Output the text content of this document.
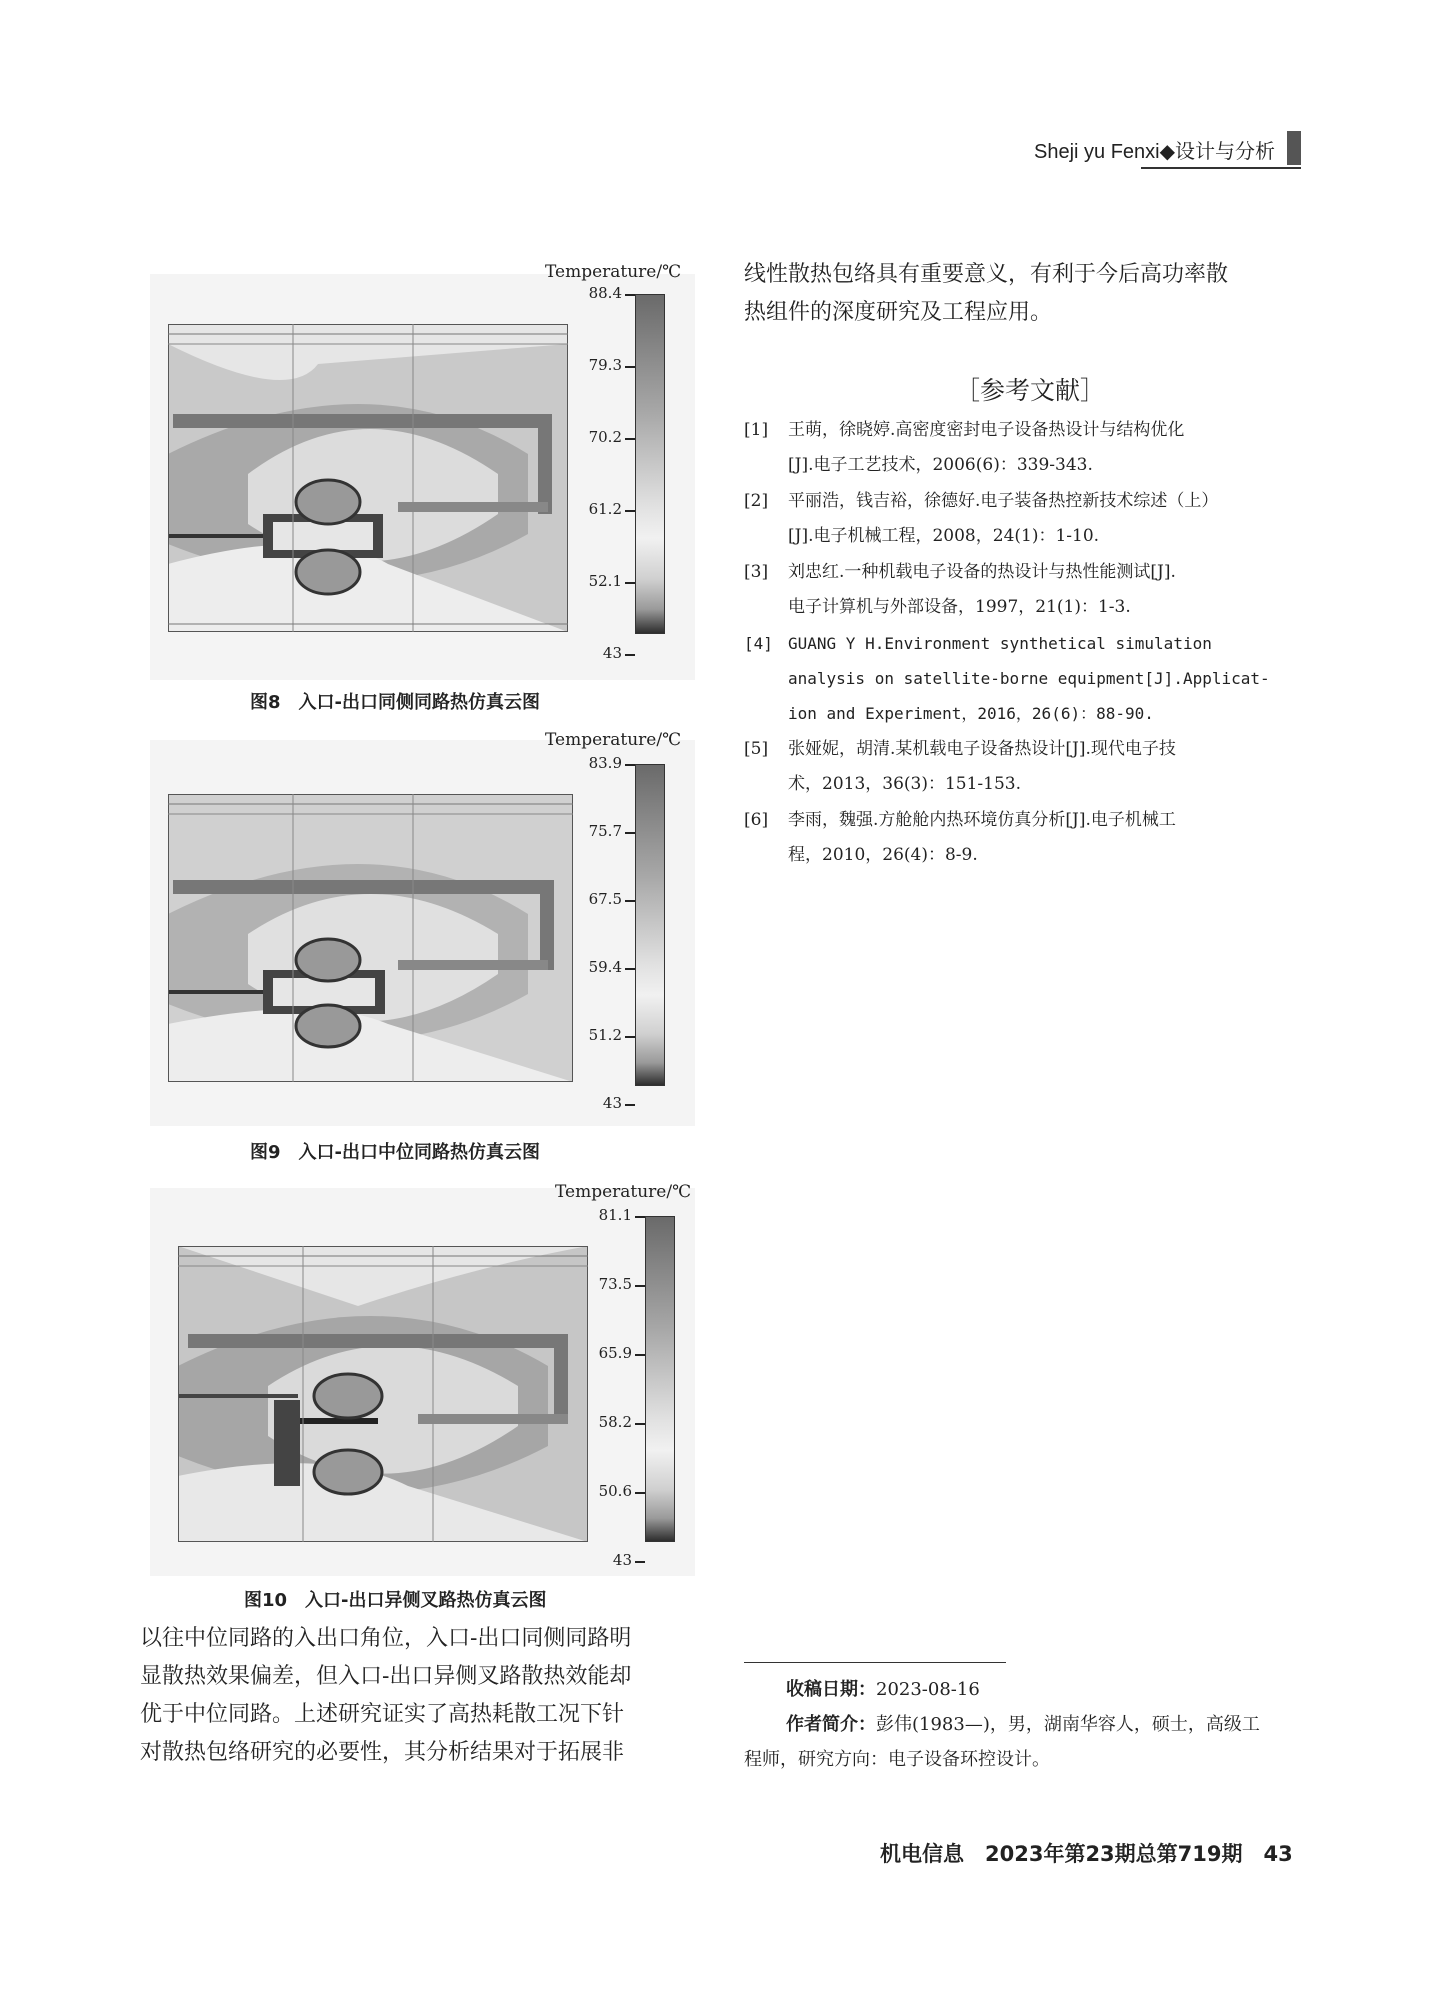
Sheji yu Fenxi◆设计与分析
Temperature/℃
88.4
79.3
70.2
61.2
52.1
43
图8　入口-出口同侧同路热仿真云图
Temperature/℃
83.9
75.7
67.5
59.4
51.2
43
图9　入口-出口中位同路热仿真云图
Temperature/℃
81.1
73.5
65.9
58.2
50.6
43
图10　入口-出口异侧叉路热仿真云图
以往中位同路的入出口角位，入口-出口同侧同路明
显散热效果偏差，但入口-出口异侧叉路散热效能却
优于中位同路。上述研究证实了高热耗散工况下针
对散热包络研究的必要性，其分析结果对于拓展非
线性散热包络具有重要意义，有利于今后高功率散
热组件的深度研究及工程应用。
［参考文献］
[1] 王萌，徐晓婷.高密度密封电子设备热设计与结构优化
[J].电子工艺技术，2006(6)：339-343.
[2] 平丽浩，钱吉裕，徐德好.电子装备热控新技术综述（上）
[J].电子机械工程，2008，24(1)：1-10.
[3] 刘忠红.一种机载电子设备的热设计与热性能测试[J].
电子计算机与外部设备，1997，21(1)：1-3.
[4] GUANG Y H.Environment synthetical simulation
analysis on satellite-borne equipment[J].Applicat-
ion and Experiment，2016，26(6)：88-90.
[5] 张娅妮，胡清.某机载电子设备热设计[J].现代电子技
术，2013，36(3)：151-153.
[6] 李雨，魏强.方舱舱内热环境仿真分析[J].电子机械工
程，2010，26(4)：8-9.
收稿日期：2023-08-16
作者简介：彭伟(1983—)，男，湖南华容人，硕士，高级工
程师，研究方向：电子设备环控设计。
机电信息　2023年第23期总第719期　43
